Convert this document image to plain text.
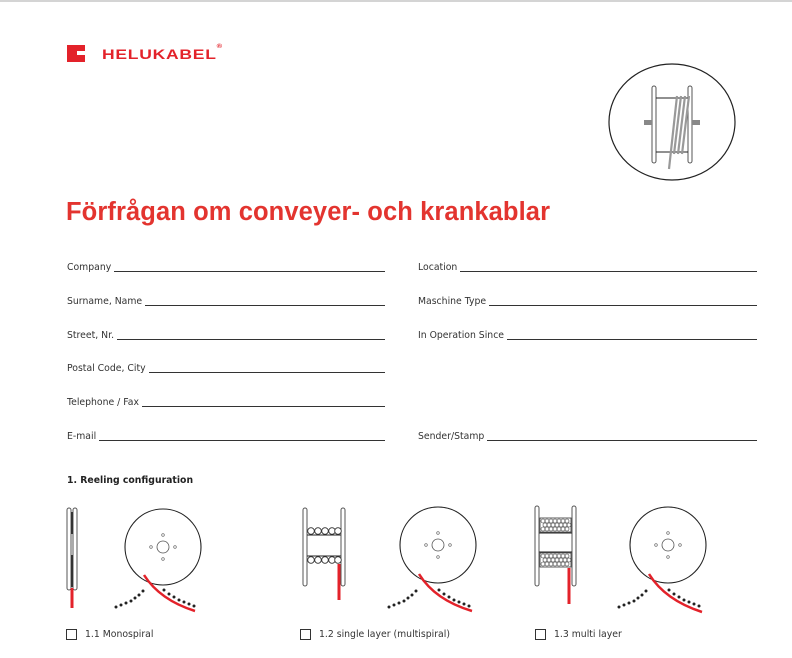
HELUKABEL®
Förfrågan om conveyer- och krankablar
Company
Surname, Name
Street, Nr.
Postal Code, City
Telephone / Fax
E-mail
Location
Maschine Type
In Operation Since
Sender/Stamp
1. Reeling configuration
1.1 Monospiral	1.2 single layer (multispiral)	1.3 multi layer
